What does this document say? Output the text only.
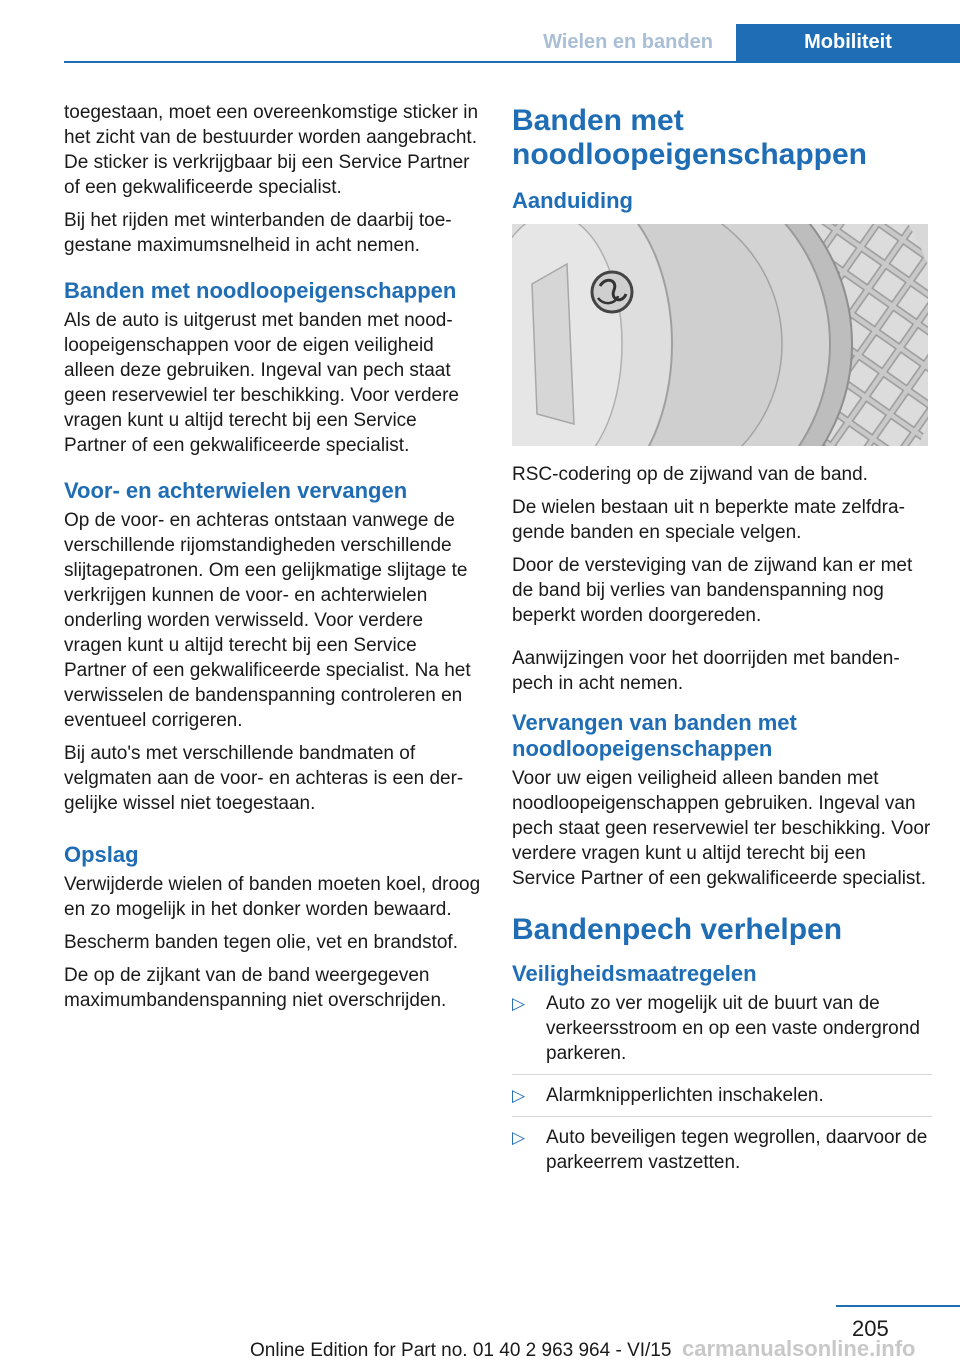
Wielen en banden	Mobiliteit

toegestaan, moet een overeenkomstige sticker in het zicht van de bestuurder worden aangebracht. De sticker is verkrijgbaar bij een Service Partner of een gekwalificeerde specialist.

Bij het rijden met winterbanden de daarbij toegestane maximumsnelheid in acht nemen.

Banden met noodloopeigenschappen

Als de auto is uitgerust met banden met noodloopeigenschappen voor de eigen veiligheid alleen deze gebruiken. Ingeval van pech staat geen reservewiel ter beschikking. Voor verdere vragen kunt u altijd terecht bij een Service Partner of een gekwalificeerde specialist.

Voor- en achterwielen vervangen

Op de voor- en achteras ontstaan vanwege de verschillende rijomstandigheden verschillende slijtagepatronen. Om een gelijkmatige slijtage te verkrijgen kunnen de voor- en achterwielen onderling worden verwisseld. Voor verdere vragen kunt u altijd terecht bij een Service Partner of een gekwalificeerde specialist. Na het verwisselen de bandenspanning controleren en eventueel corrigeren.

Bij auto's met verschillende bandmaten of velgmaten aan de voor- en achteras is een dergelijke wissel niet toegestaan.

Opslag

Verwijderde wielen of banden moeten koel, droog en zo mogelijk in het donker worden bewaard.

Bescherm banden tegen olie, vet en brandstof.

De op de zijkant van de band weergegeven maximumbandenspanning niet overschrijden.

Banden met noodloopeigenschappen
Aanduiding

RSC-codering op de zijwand van de band.

De wielen bestaan uit n beperkte mate zelfdragende banden en speciale velgen.

Door de versteviging van de zijwand kan er met de band bij verlies van bandenspanning nog beperkt worden doorgereden.

Aanwijzingen voor het doorrijden met bandenpech in acht nemen.

Vervangen van banden met noodloopeigenschappen

Voor uw eigen veiligheid alleen banden met noodloopeigenschappen gebruiken. Ingeval van pech staat geen reservewiel ter beschikking. Voor verdere vragen kunt u altijd terecht bij een Service Partner of een gekwalificeerde specialist.

Bandenpech verhelpen
Veiligheidsmaatregelen
▷ Auto zo ver mogelijk uit de buurt van de verkeersstroom en op een vaste ondergrond parkeren.
▷ Alarmknipperlichten inschakelen.
▷ Auto beveiligen tegen wegrollen, daarvoor de parkeerrem vastzetten.
205
Online Edition for Part no. 01 40 2 963 964 - VI/15 carmanualsonline.info
